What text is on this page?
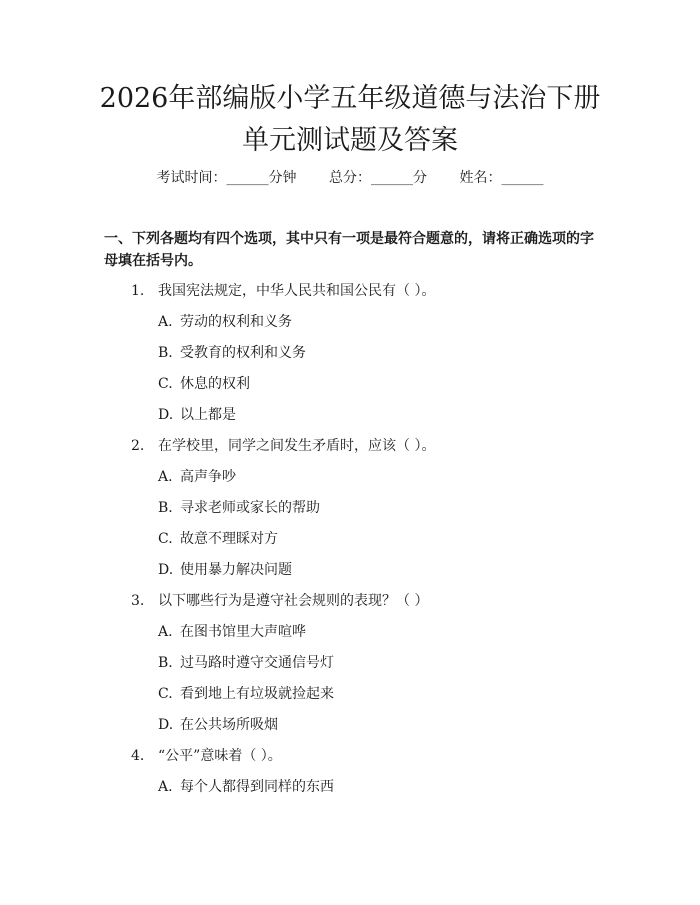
2026年部编版小学五年级道德与法治下册单元测试题及答案
考试时间：______分钟 总分：______分 姓名：______

一、下列各题均有四个选项，其中只有一项是最符合题意的，请将正确选项的字母填在括号内。

1. 我国宪法规定，中华人民共和国公民有（ ）。
A. 劳动的权利和义务
B. 受教育的权利和义务
C. 休息的权利
D. 以上都是
2. 在学校里，同学之间发生矛盾时，应该（ ）。
A. 高声争吵
B. 寻求老师或家长的帮助
C. 故意不理睬对方
D. 使用暴力解决问题
3. 以下哪些行为是遵守社会规则的表现？（ ）
A. 在图书馆里大声喧哗
B. 过马路时遵守交通信号灯
C. 看到地上有垃圾就捡起来
D. 在公共场所吸烟
4. “公平”意味着（ ）。
A. 每个人都得到同样的东西
